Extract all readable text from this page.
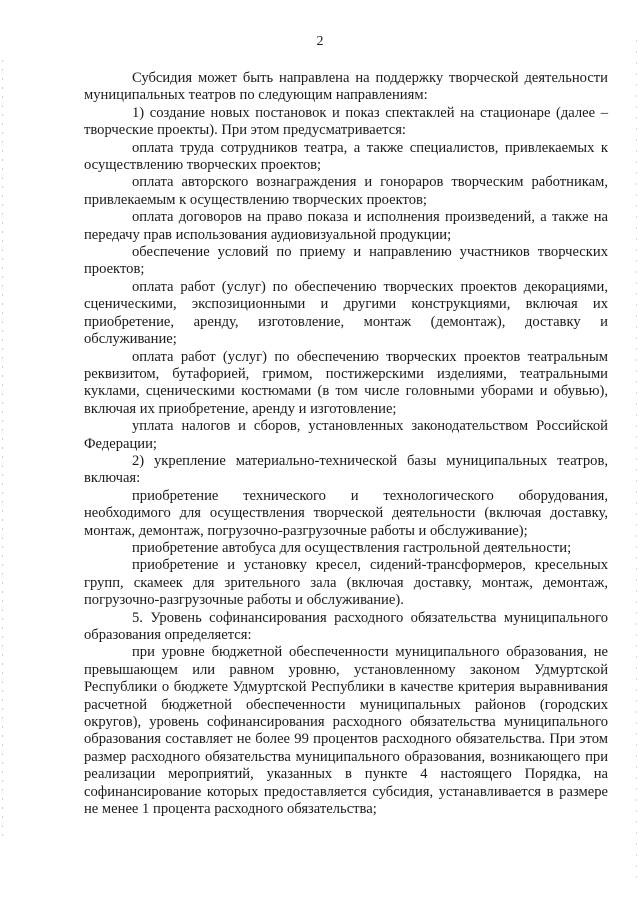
2

Субсидия может быть направлена на поддержку творческой деятельности муниципальных театров по следующим направлениям:

1) создание новых постановок и показ спектаклей на стационаре (далее – творческие проекты). При этом предусматривается:

оплата труда сотрудников театра, а также специалистов, привлекаемых к осуществлению творческих проектов;

оплата авторского вознаграждения и гонораров творческим работникам, привлекаемым к осуществлению творческих проектов;

оплата договоров на право показа и исполнения произведений, а также на передачу прав использования аудиовизуальной продукции;

обеспечение условий по приему и направлению участников творческих проектов;

оплата работ (услуг) по обеспечению творческих проектов декорациями, сценическими, экспозиционными и другими конструкциями, включая их приобретение, аренду, изготовление, монтаж (демонтаж), доставку и обслуживание;

оплата работ (услуг) по обеспечению творческих проектов театральным реквизитом, бутафорией, гримом, постижерскими изделиями, театральными куклами, сценическими костюмами (в том числе головными уборами и обувью), включая их приобретение, аренду и изготовление;

уплата налогов и сборов, установленных законодательством Российской Федерации;

2) укрепление материально-технической базы муниципальных театров, включая:

приобретение технического и технологического оборудования, необходимого для осуществления творческой деятельности (включая доставку, монтаж, демонтаж, погрузочно-разгрузочные работы и обслуживание);

приобретение автобуса для осуществления гастрольной деятельности;

приобретение и установку кресел, сидений-трансформеров, кресельных групп, скамеек для зрительного зала (включая доставку, монтаж, демонтаж, погрузочно-разгрузочные работы и обслуживание).

5. Уровень софинансирования расходного обязательства муниципального образования определяется:

при уровне бюджетной обеспеченности муниципального образования, не превышающем или равном уровню, установленному законом Удмуртской Республики о бюджете Удмуртской Республики в качестве критерия выравнивания расчетной бюджетной обеспеченности муниципальных районов (городских округов), уровень софинансирования расходного обязательства муниципального образования составляет не более 99 процентов расходного обязательства. При этом размер расходного обязательства муниципального образования, возникающего при реализации мероприятий, указанных в пункте 4 настоящего Порядка, на софинансирование которых предоставляется субсидия, устанавливается в размере не менее 1 процента расходного обязательства;
